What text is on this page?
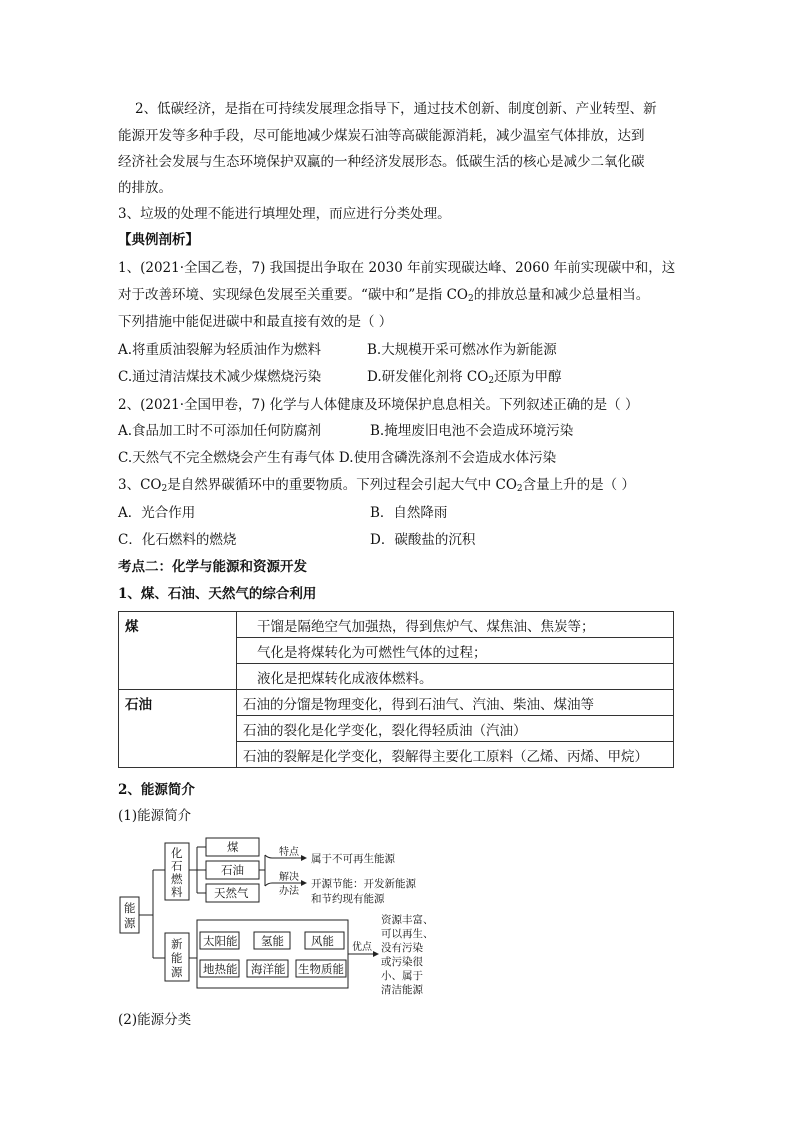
2、低碳经济，是指在可持续发展理念指导下，通过技术创新、制度创新、产业转型、新
能源开发等多种手段，尽可能地减少煤炭石油等高碳能源消耗，减少温室气体排放，达到
经济社会发展与生态环境保护双赢的一种经济发展形态。低碳生活的核心是减少二氧化碳
的排放。
3、垃圾的处理不能进行填埋处理，而应进行分类处理。
【典例剖析】
1、(2021·全国乙卷，7) 我国提出争取在 2030 年前实现碳达峰、2060 年前实现碳中和，这
对于改善环境、实现绿色发展至关重要。“碳中和”是指 $CO_2$的排放总量和减少总量相当。
下列措施中能促进碳中和最直接有效的是（ ）
A.将重质油裂解为轻质油作为燃料	B.大规模开采可燃冰作为新能源
C.通过清洁煤技术减少煤燃烧污染	D.研发催化剂将 $CO_2$还原为甲醇
2、(2021·全国甲卷，7) 化学与人体健康及环境保护息息相关。下列叙述正确的是（ ）
A.食品加工时不可添加任何防腐剂	B.掩埋废旧电池不会造成环境污染
C.天然气不完全燃烧会产生有毒气体 D.使用含磷洗涤剂不会造成水体污染
3、$CO_2$是自然界碳循环中的重要物质。下列过程会引起大气中 $CO_2$含量上升的是（ ）
A．光合作用	B．自然降雨
C．化石燃料的燃烧	D．碳酸盐的沉积
考点二：化学与能源和资源开发
1、煤、石油、天然气的综合利用
煤	干馏是隔绝空气加强热，得到焦炉气、煤焦油、焦炭等；
	气化是将煤转化为可燃性气体的过程；
	液化是把煤转化成液体燃料。
石油	石油的分馏是物理变化，得到石油气、汽油、柴油、煤油等
	石油的裂化是化学变化，裂化得轻质油（汽油）
	石油的裂解是化学变化，裂解得主要化工原料（乙烯、丙烯、甲烷）
2、能源简介
(1)能源简介
能
源
化
石
燃
料
煤
石油
天然气
特点
属于不可再生能源
解决
办法
开源节能：开发新能源
和节约现有能源
新
能
源
太阳能 氢能 风能
地热能 海洋能 生物质能
优点
资源丰富、
可以再生、
没有污染
或污染很
小、属于
清洁能源
(2)能源分类
